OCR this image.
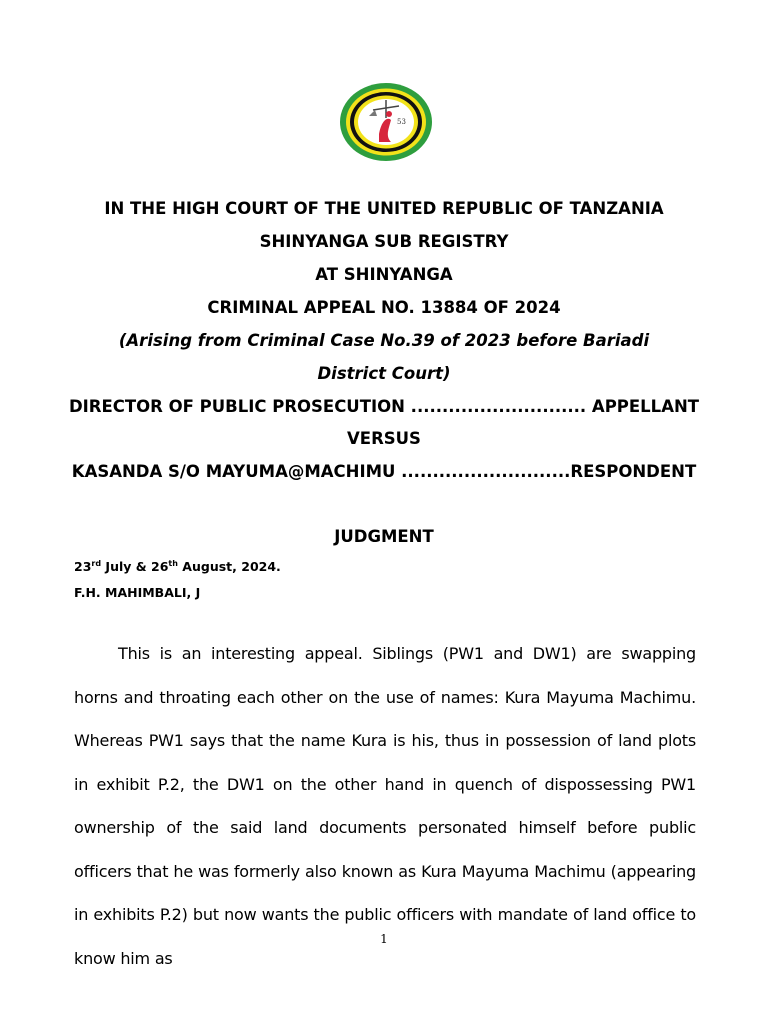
53
IN THE HIGH COURT OF THE UNITED REPUBLIC OF TANZANIA
SHINYANGA SUB REGISTRY
AT SHINYANGA
CRIMINAL APPEAL NO. 13884 OF 2024
(Arising from Criminal Case No.39 of 2023 before Bariadi District Court)
DIRECTOR OF PUBLIC PROSECUTION ............................ APPELLANT
VERSUS
KASANDA S/O MAYUMA@MACHIMU ...........................RESPONDENT
JUDGMENT
23rd July & 26th August, 2024.
F.H. MAHIMBALI, J
This is an interesting appeal. Siblings (PW1 and DW1) are swapping horns and throating each other on the use of names: Kura Mayuma Machimu. Whereas PW1 says that the name Kura is his, thus in possession of land plots in exhibit P.2, the DW1 on the other hand in quench of dispossessing PW1 ownership of the said land documents personated himself before public officers that he was formerly also known as Kura Mayuma Machimu (appearing in exhibits P.2) but now wants the public officers with mandate of land office to know him as
1
